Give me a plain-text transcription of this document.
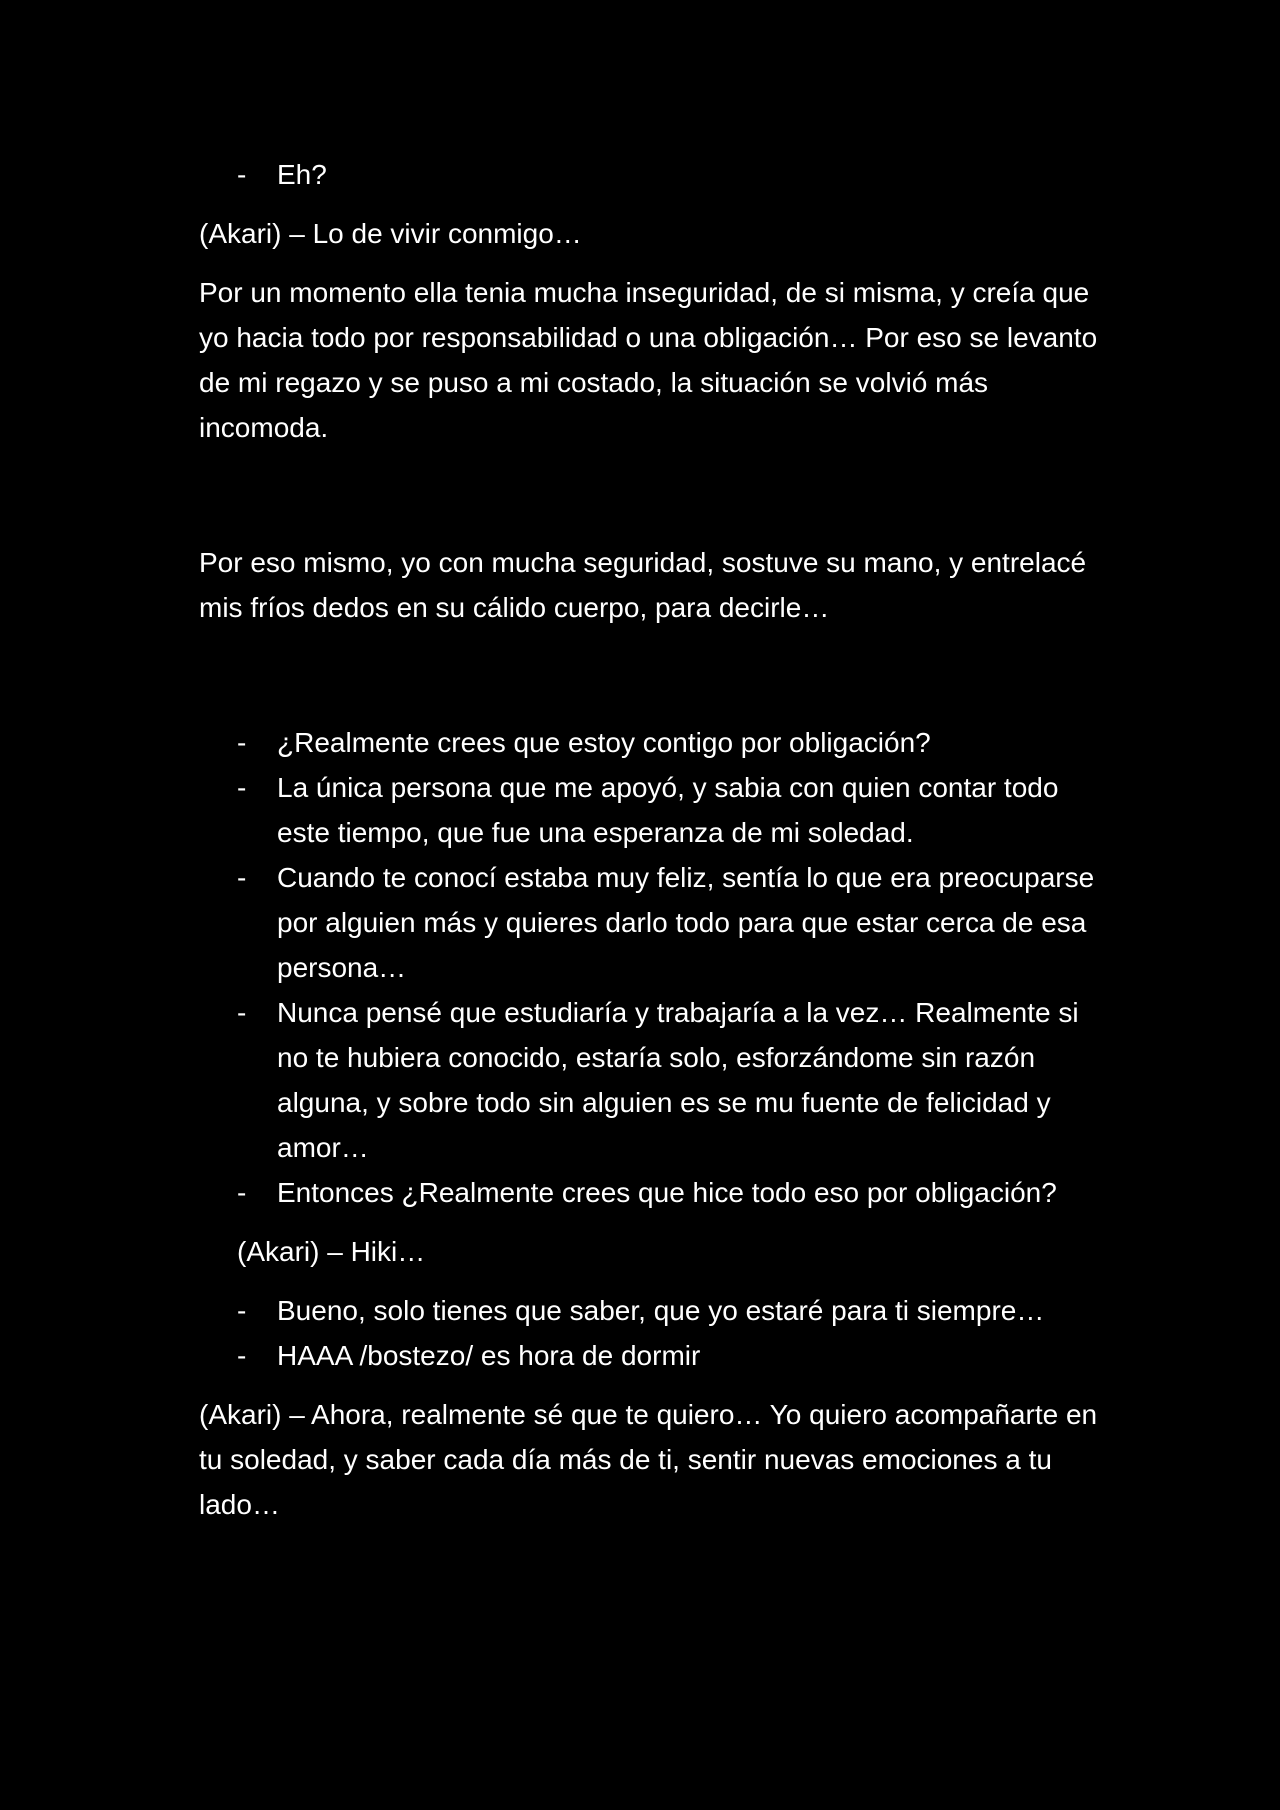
- Eh?

(Akari) – Lo de vivir conmigo…

Por un momento ella tenia mucha inseguridad, de si misma, y creía que yo hacia todo por responsabilidad o una obligación… Por eso se levanto de mi regazo y se puso a mi costado, la situación se volvió más incomoda.

Por eso mismo, yo con mucha seguridad, sostuve su mano, y entrelacé mis fríos dedos en su cálido cuerpo, para decirle…

- ¿Realmente crees que estoy contigo por obligación?

- La única persona que me apoyó, y sabia con quien contar todo este tiempo, que fue una esperanza de mi soledad.

- Cuando te conocí estaba muy feliz, sentía lo que era preocuparse por alguien más y quieres darlo todo para que estar cerca de esa persona…

- Nunca pensé que estudiaría y trabajaría a la vez… Realmente si no te hubiera conocido, estaría solo, esforzándome sin razón alguna, y sobre todo sin alguien es se mu fuente de felicidad y amor…

- Entonces ¿Realmente crees que hice todo eso por obligación?

(Akari) – Hiki…

- Bueno, solo tienes que saber, que yo estaré para ti siempre…

- HAAA /bostezo/ es hora de dormir

(Akari) – Ahora, realmente sé que te quiero… Yo quiero acompañarte en tu soledad, y saber cada día más de ti, sentir nuevas emociones a tu lado…
